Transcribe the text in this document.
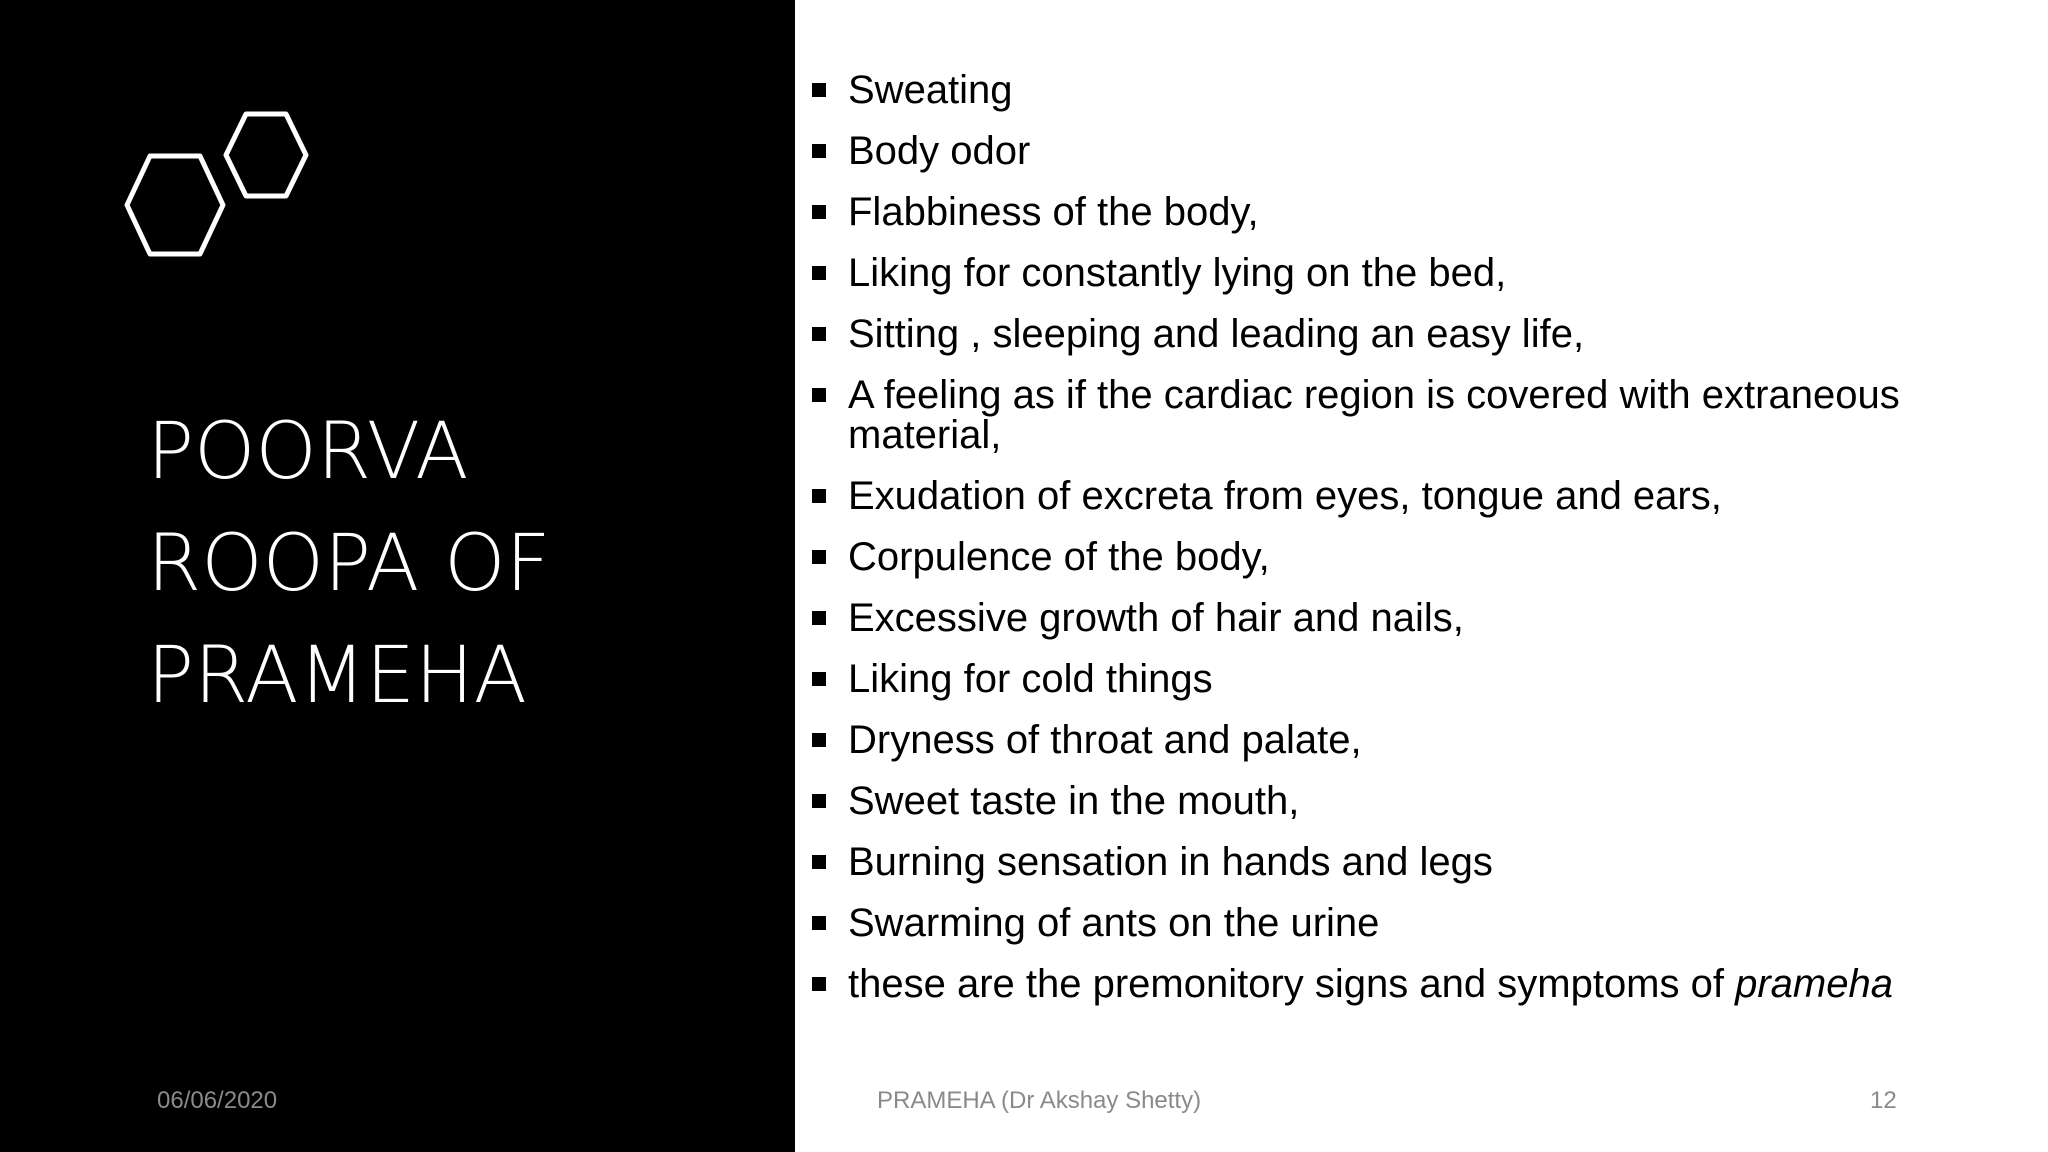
POORVA
ROOPA OF
PRAMEHA
Sweating
Body odor
Flabbiness of the body,
Liking for constantly lying on the bed,
Sitting , sleeping and leading an easy life,
A feeling as if the cardiac region is covered with extraneous material,
Exudation of excreta from eyes, tongue and ears,
Corpulence of the body,
Excessive growth of hair and nails,
Liking for cold things
Dryness of throat and palate,
Sweet taste in the mouth,
Burning sensation in hands and legs
Swarming of ants on the urine
these are the premonitory signs and symptoms of prameha
06/06/2020	PRAMEHA (Dr Akshay Shetty)	12
